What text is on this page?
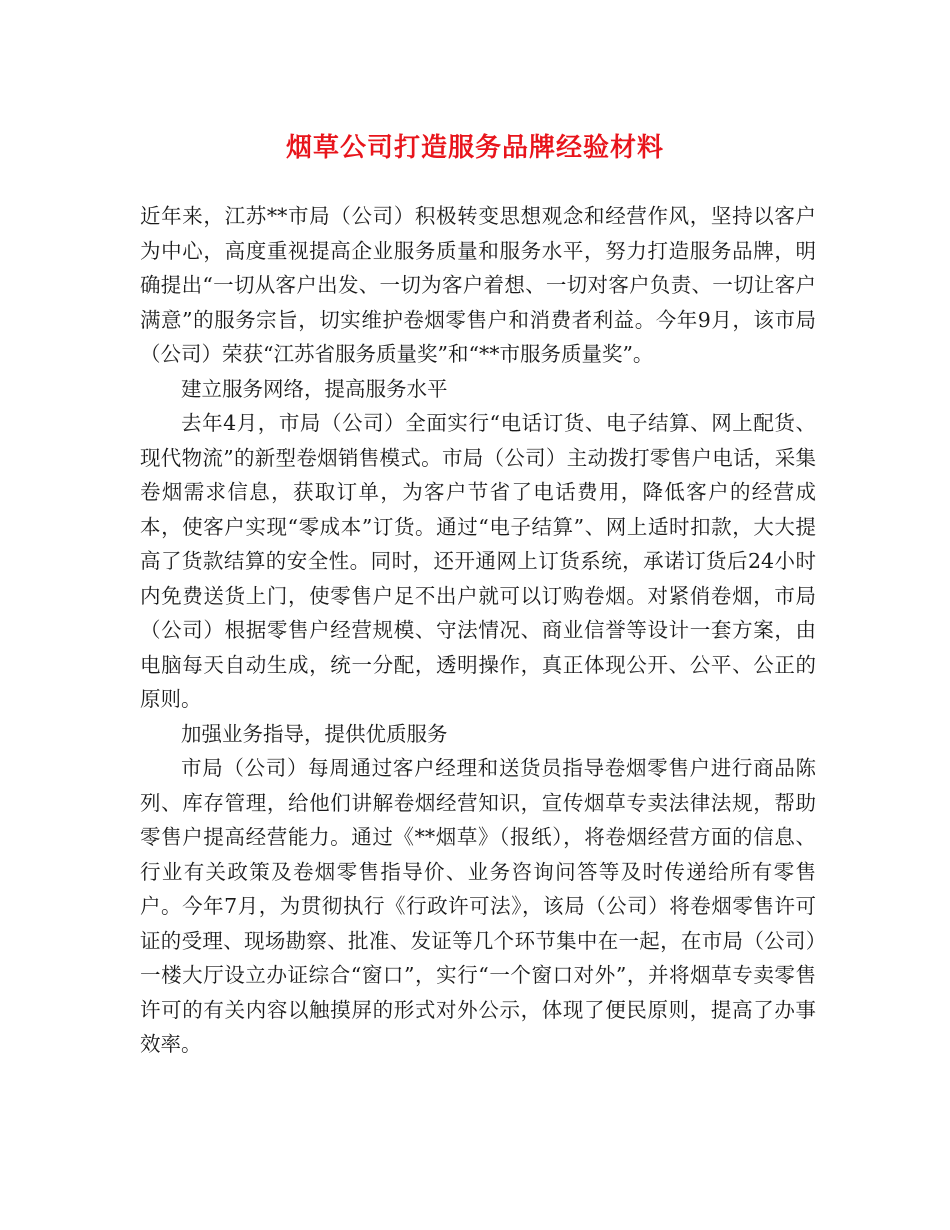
烟草公司打造服务品牌经验材料

近年来，江苏**市局（公司）积极转变思想观念和经营作风，坚持以客户为中心，高度重视提高企业服务质量和服务水平，努力打造服务品牌，明确提出“一切从客户出发、一切为客户着想、一切对客户负责、一切让客户满意”的服务宗旨，切实维护卷烟零售户和消费者利益。今年9月，该市局（公司）荣获“江苏省服务质量奖”和“**市服务质量奖”。

建立服务网络，提高服务水平

去年4月，市局（公司）全面实行“电话订货、电子结算、网上配货、现代物流”的新型卷烟销售模式。市局（公司）主动拨打零售户电话，采集卷烟需求信息，获取订单，为客户节省了电话费用，降低客户的经营成本，使客户实现“零成本”订货。通过“电子结算”、网上适时扣款，大大提高了货款结算的安全性。同时，还开通网上订货系统，承诺订货后24小时内免费送货上门，使零售户足不出户就可以订购卷烟。对紧俏卷烟，市局（公司）根据零售户经营规模、守法情况、商业信誉等设计一套方案，由电脑每天自动生成，统一分配，透明操作，真正体现公开、公平、公正的原则。

加强业务指导，提供优质服务

市局（公司）每周通过客户经理和送货员指导卷烟零售户进行商品陈列、库存管理，给他们讲解卷烟经营知识，宣传烟草专卖法律法规，帮助零售户提高经营能力。通过《**烟草》（报纸），将卷烟经营方面的信息、行业有关政策及卷烟零售指导价、业务咨询问答等及时传递给所有零售户。今年7月，为贯彻执行《行政许可法》，该局（公司）将卷烟零售许可证的受理、现场勘察、批准、发证等几个环节集中在一起，在市局（公司）一楼大厅设立办证综合“窗口”，实行“一个窗口对外”，并将烟草专卖零售许可的有关内容以触摸屏的形式对外公示，体现了便民原则，提高了办事效率。
